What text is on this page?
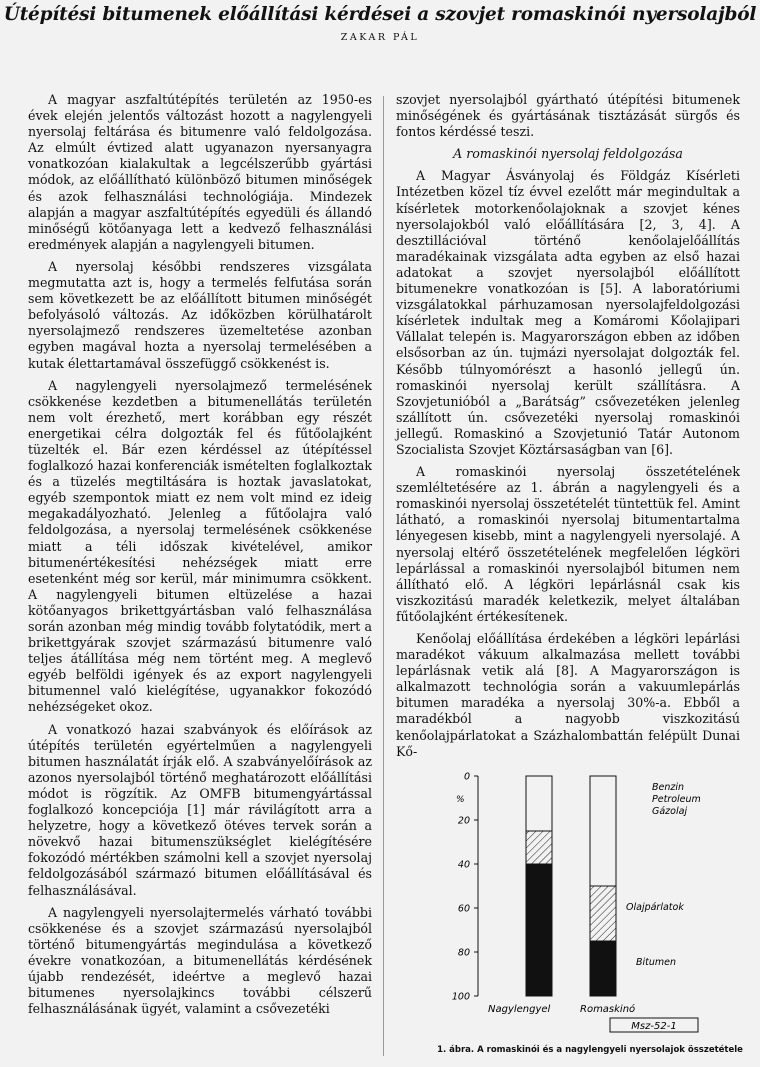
Útépítési bitumenek előállítási kérdései a szovjet romaskinói nyersolajból
ZAKAR PÁL

A magyar aszfaltútépítés területén az 1950-es évek elején jelentős változást hozott a nagylengyeli nyersolaj feltárása és bitumenre való feldolgozása. Az elmúlt évtized alatt ugyanazon nyersanyagra vonatkozóan kialakultak a legcélszerűbb gyártási módok, az előállítható különböző bitumen minőségek és azok felhasználási technológiája. Mindezek alapján a magyar aszfaltútépítés egyedüli és állandó minőségű kötőanyaga lett a kedvező felhasználási eredmények alapján a nagylengyeli bitumen.

A nyersolaj későbbi rendszeres vizsgálata megmutatta azt is, hogy a termelés felfutása során sem következett be az előállított bitumen minőségét befolyásoló változás. Az időközben körülhatárolt nyersolajmező rendszeres üzemeltetése azonban egyben magával hozta a nyersolaj termelésében a kutak élettartamával összefüggő csökkenést is.

A nagylengyeli nyersolajmező termelésének csökkenése kezdetben a bitumenellátás területén nem volt érezhető, mert korábban egy részét energetikai célra dolgozták fel és fűtőolajként tüzelték el. Bár ezen kérdéssel az útépítéssel foglalkozó hazai konferenciák ismételten foglalkoztak és a tüzelés megtiltására is hoztak javaslatokat, egyéb szempontok miatt ez nem volt mind ez ideig megakadályozható. Jelenleg a fűtőolajra való feldolgozása, a nyersolaj termelésének csökkenése miatt a téli időszak kivételével, amikor bitumenértékesítési nehézségek miatt erre esetenként még sor kerül, már minimumra csökkent. A nagylengyeli bitumen eltüzelése a hazai kötőanyagos brikettgyártásban való felhasználása során azonban még mindig tovább folytatódik, mert a brikettgyárak szovjet származású bitumenre való teljes átállítása még nem történt meg. A meglevő egyéb belföldi igények és az export nagylengyeli bitumennel való kielégítése, ugyanakkor fokozódó nehézségeket okoz.

A vonatkozó hazai szabványok és előírások az útépítés területén egyértelműen a nagylengyeli bitumen használatát írják elő. A szabványelőírások az azonos nyersolajból történő meghatározott előállítási módot is rögzítik. Az OMFB bitumengyártással foglalkozó koncepciója [1] már rávilágított arra a helyzetre, hogy a következő ötéves tervek során a növekvő hazai bitumenszükséglet kielégítésére fokozódó mértékben számolni kell a szovjet nyersolaj feldolgozásából származó bitumen előállításával és felhasználásával.

A nagylengyeli nyersolajtermelés várható további csökkenése és a szovjet származású nyersolajból történő bitumengyártás megindulása a következő évekre vonatkozóan, a bitumenellátás kérdésének újabb rendezését, ideértve a meglevő hazai bitumenes nyersolajkincs további célszerű felhasználásának ügyét, valamint a csővezetéki

szovjet nyersolajból gyártható útépítési bitumenek minőségének és gyártásának tisztázását sürgős és fontos kérdéssé teszi.

A romaskinói nyersolaj feldolgozása

A Magyar Ásványolaj és Földgáz Kísérleti Intézetben közel tíz évvel ezelőtt már megindultak a kísérletek motorkenőolajoknak a szovjet kénes nyersolajokból való előállítására [2, 3, 4]. A desztillációval történő kenőolajelőállítás maradékainak vizsgálata adta egyben az első hazai adatokat a szovjet nyersolajból előállított bitumenekre vonatkozóan is [5]. A laboratóriumi vizsgálatokkal párhuzamosan nyersolajfeldolgozási kísérletek indultak meg a Komáromi Kőolajipari Vállalat telepén is. Magyarországon ebben az időben elsősorban az ún. tujmázi nyersolajat dolgozták fel. Később túlnyomórészt a hasonló jellegű ún. romaskinói nyersolaj került szállításra. A Szovjetunióból a „Barátság” csővezetéken jelenleg szállított ún. csővezetéki nyersolaj romaskinói jellegű. Romaskinó a Szovjetunió Tatár Autonom Szocialista Szovjet Köztársaságban van [6].

A romaskinói nyersolaj összetételének szemléltetésére az 1. ábrán a nagylengyeli és a romaskinói nyersolaj összetételét tüntettük fel. Amint látható, a romaskinói nyersolaj bitumentartalma lényegesen kisebb, mint a nagylengyeli nyersolajé. A nyersolaj eltérő összetételének megfelelően légköri lepárlással a romaskinói nyersolajból bitumen nem állítható elő. A légköri lepárlásnál csak kis viszkozitású maradék keletkezik, melyet általában fűtőolajként értékesítenek.

Kenőolaj előállítása érdekében a légköri lepárlási maradékot vákuum alkalmazása mellett további lepárlásnak vetik alá [8]. A Magyarországon is alkalmazott technológia során a vakuumlepárlás bitumen maradéka a nyersolaj 30%-a. Ebből a maradékból a nagyobb viszkozitású kenőolajpárlatokat a Százhalombattán felépült Dunai Kő-

0
20
40
60
80
100
%
Benzin
Petroleum
Gázolaj
Olajpárlatok
Bitumen
Nagylengyel	Romaskinó
Msz-52-1
1. ábra. A romaskinói és a nagylengyeli nyersolajok összetétele
